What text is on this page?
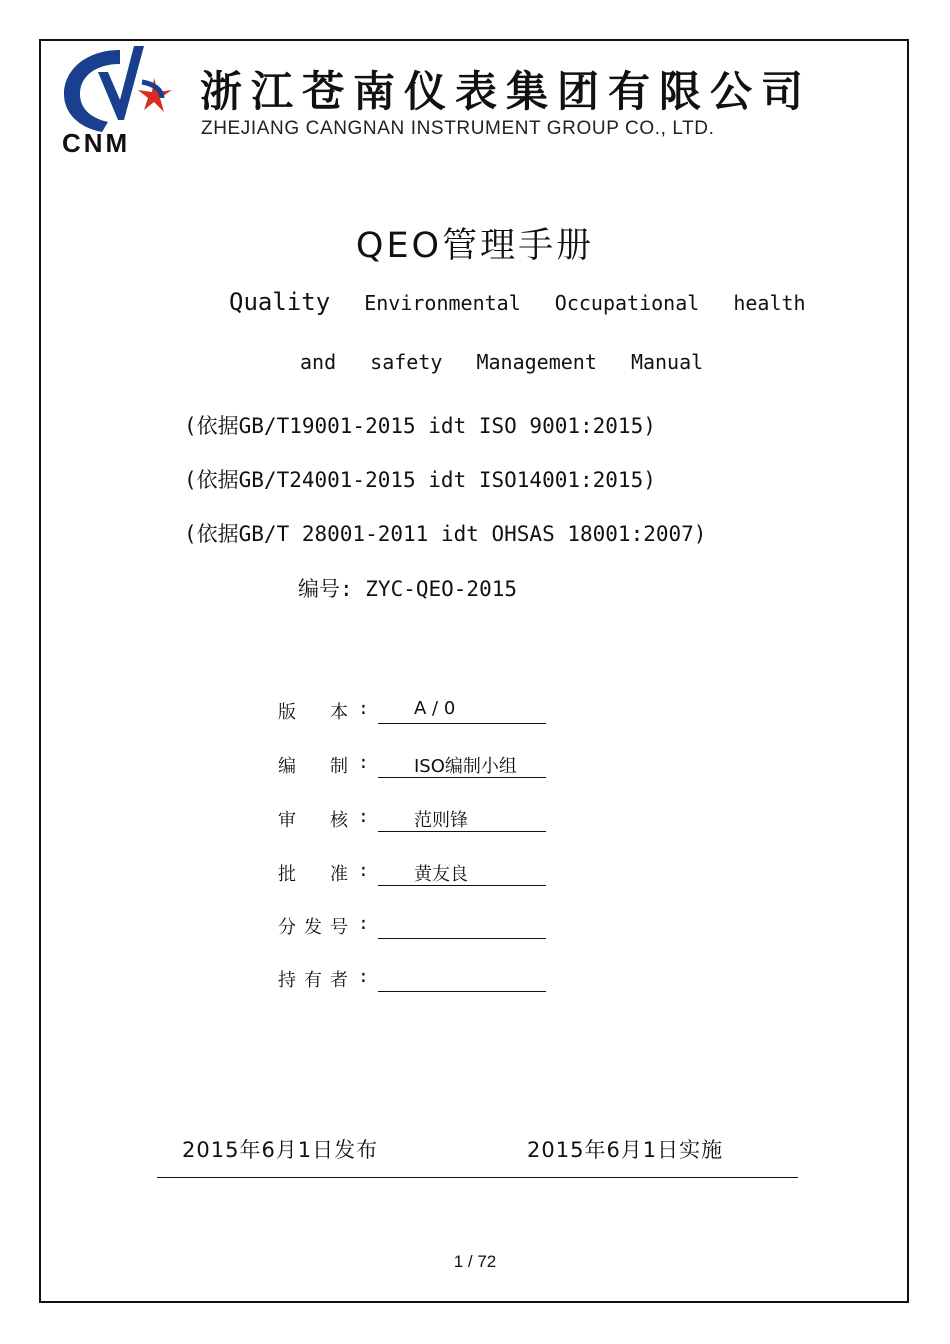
CNM
浙江苍南仪表集团有限公司
ZHEJIANG CANGNAN INSTRUMENT GROUP CO., LTD.
QEO管理手册
Quality Environmental Occupational health
and safety Management Manual
(依据GB/T19001-2015 idt ISO 9001:2015)
(依据GB/T24001-2015 idt ISO14001:2015)
(依据GB/T 28001-2011 idt OHSAS 18001:2007)
编号: ZYC-QEO-2015
版 本 :	A / 0
编 制 :	ISO编制小组
审 核 :	范则锋
批 准 :	黄友良
分 发 号 :
持 有 者 :
2015年6月1日发布	2015年6月1日实施
1 / 72
